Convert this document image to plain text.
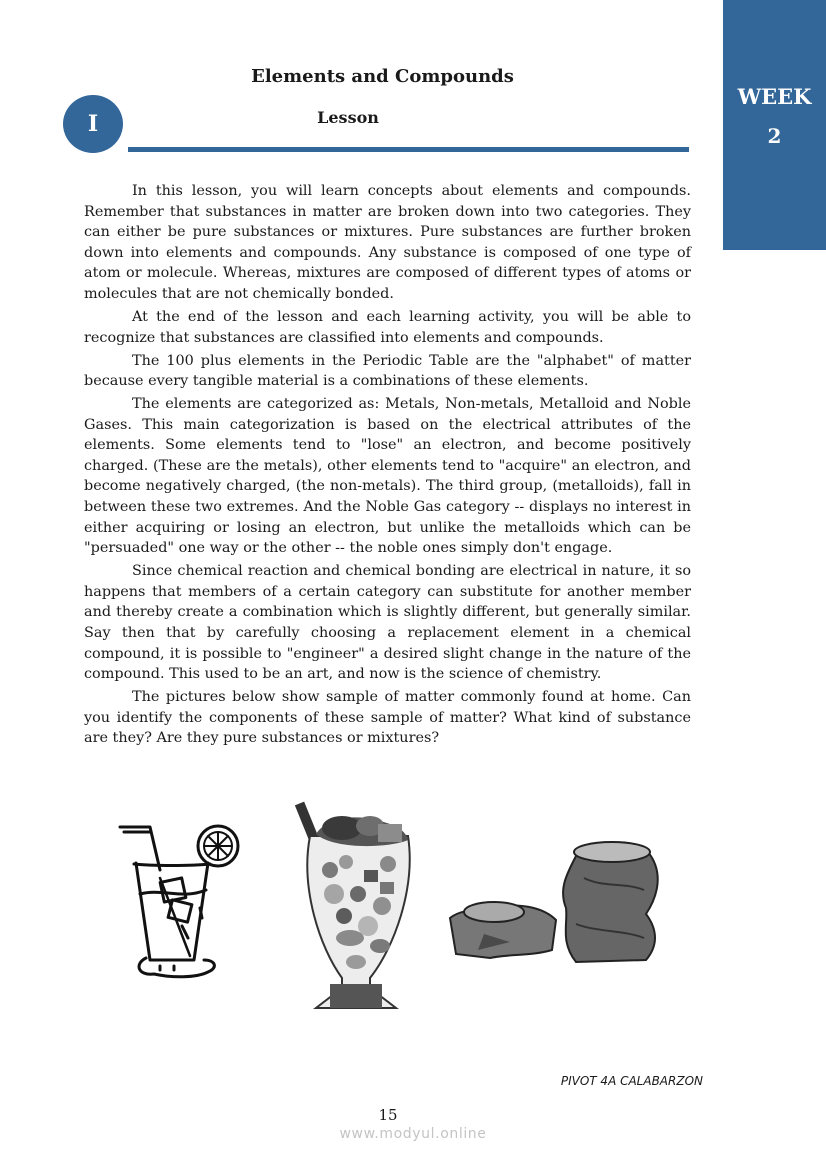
WEEK
2
Elements and Compounds
I	Lesson

In this lesson, you will learn concepts about elements and compounds. Remember that substances in matter are broken down into two categories. They can either be pure substances or mixtures. Pure substances are further broken down into elements and compounds. Any substance is composed of one type of atom or molecule. Whereas, mixtures are composed of different types of atoms or molecules that are not chemically bonded.

At the end of the lesson and each learning activity, you will be able to recognize that substances are classified into elements and compounds.

The 100 plus elements in the Periodic Table are the "alphabet" of matter because every tangible material is a combinations of these elements.

The elements are categorized as: Metals, Non-metals, Metalloid and Noble Gases. This main categorization is based on the electrical attributes of the elements. Some elements tend to "lose" an electron, and become positively charged. (These are the metals), other elements tend to "acquire" an electron, and become negatively charged, (the non-metals). The third group, (metalloids), fall in between these two extremes. And the Noble Gas category -- displays no interest in either acquiring or losing an electron, but unlike the metalloids which can be "persuaded" one way or the other -- the noble ones simply don't engage.

Since chemical reaction and chemical bonding are electrical in nature, it so happens that members of a certain category can substitute for another member and thereby create a combination which is slightly different, but generally similar. Say then that by carefully choosing a replacement element in a chemical compound, it is possible to "engineer" a desired slight change in the nature of the compound. This used to be an art, and now is the science of chemistry.

The pictures below show sample of matter commonly found at home. Can you identify the components of these sample of matter? What kind of substance are they? Are they pure substances or mixtures?

PIVOT 4A CALABARZON
15
www.modyul.online
